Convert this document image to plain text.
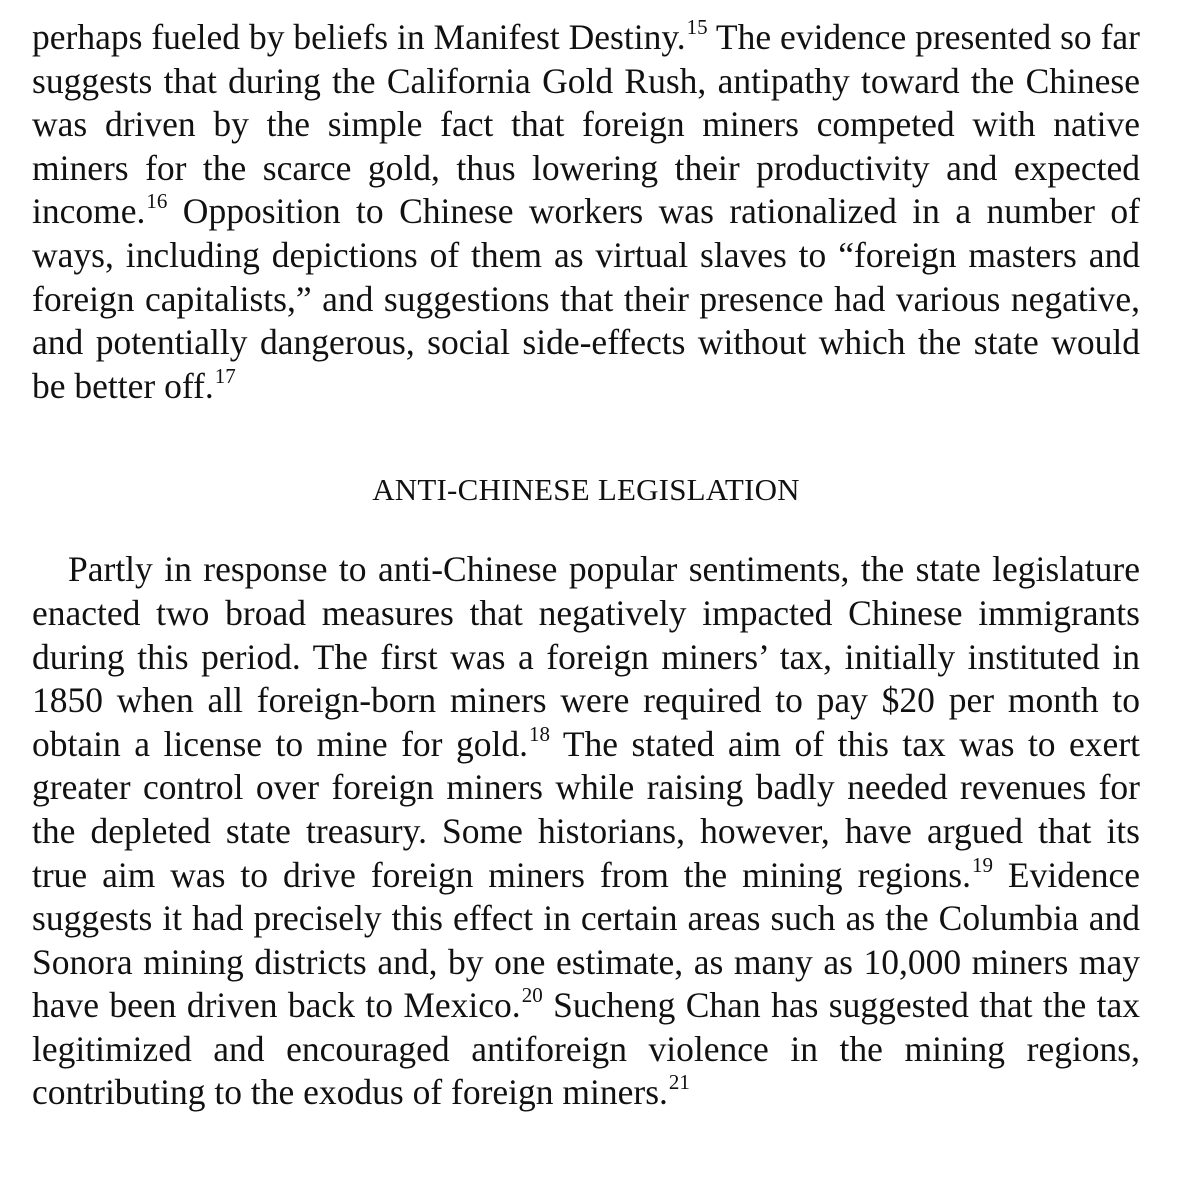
perhaps fueled by beliefs in Manifest Destiny.$^{15}$ The evidence presented so far suggests that during the California Gold Rush, antipathy toward the Chinese was driven by the simple fact that foreign miners competed with native miners for the scarce gold, thus lowering their productivity and expected income.$^{16}$ Opposition to Chinese workers was rationalized in a number of ways, including depictions of them as virtual slaves to “foreign masters and foreign capitalists,” and suggestions that their presence had various negative, and potentially dangerous, social side-effects without which the state would be better off.$^{17}$

ANTI-CHINESE LEGISLATION

Partly in response to anti-Chinese popular sentiments, the state legislature enacted two broad measures that negatively impacted Chinese immigrants during this period. The first was a foreign miners’ tax, initially instituted in 1850 when all foreign-born miners were required to pay $20 per month to obtain a license to mine for gold.$^{18}$ The stated aim of this tax was to exert greater control over foreign miners while raising badly needed revenues for the depleted state treasury. Some historians, however, have argued that its true aim was to drive foreign miners from the mining regions.$^{19}$ Evidence suggests it had precisely this effect in certain areas such as the Columbia and Sonora mining districts and, by one estimate, as many as 10,000 miners may have been driven back to Mexico.$^{20}$ Sucheng Chan has suggested that the tax legitimized and encouraged antiforeign violence in the mining regions, contributing to the exodus of foreign miners.$^{21}$
